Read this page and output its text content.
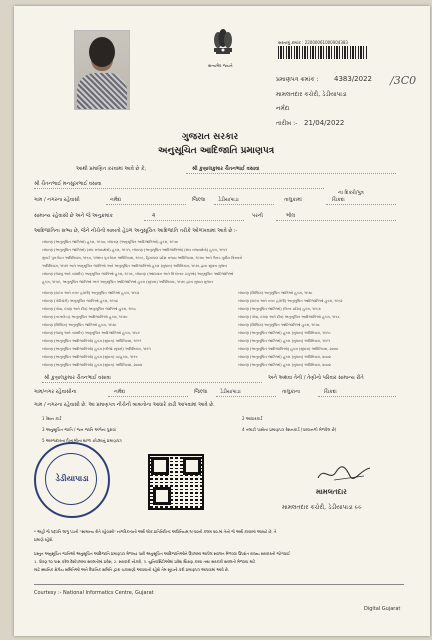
સત્યમેવ જયતે
સરનામું ક્રમાંક : 22000061000004383
પ્રમાણપત્ર ક્રમાંક : 4383/2022 /3C0
મામલતદાર કચેરી, ડેડીયાપાડા
નર્મદા
તારીખ :- 21/04/2022
ગુજરાત સરકાર
અનુસૂચિત આદિજાતિ પ્રમાણપત્ર
આથી પ્રમાણિત કરવામાં આવે છે કે,	શ્રી કુણાલકુમાર ચૈતનભાઈ વસાવા
શ્રી ચૈતનભાઈ મનસુખભાઈ વસાવા
ના દિકરો/પુત્ર
ગામ / નગરના રહેવાસી	નર્મદા	જિલ્લા	ડેડીયાપાડા	તાલુકામાં	ચિકદા
સામાન્ય રહેવાસી છે અને જે અનુક્રમાંક	4	પરની	ભીલ
આદિજાતિના સભ્ય છે, જેને નીચેની બાબતો હેઠળ અનુસૂચિત આદિજાતિ તરીકે ઓળખવામાં આવે છે :-
બંધારણ (અનુસૂચિત જાતિઓ) હુકમ, ૧૯૫૦, બંધારણ (અનુસૂચિત આદિજાતિઓ) હુકમ, ૧૯૫૦
બંધારણ (અનુસૂચિત જાતિઓ) (સંઘ રાજ્યક્ષેત્રો) હુકમ, ૧૯૫૧, બંધારણ (અનુસૂચિત આદિજાતિઓ) (સંઘ રાજ્યક્ષેત્રો) હુકમ, ૧૯૫૧
મુંબઈ પુનર્ગઠન અધિનિયમ, ૧૯૬૦, પંજાબ પુનર્ગઠન અધિનિયમ, ૧૯૬૬, હિમાચલ પ્રદેશ રાજ્ય અધિનિયમ, ૧૯૭૦ અને ઉત્તર-પૂર્વીય વિસ્તારો
અધિનિયમ, ૧૯૭૧ અને અનુસૂચિત જાતિઓ અને અનુસૂચિત આદિજાતિઓ હુકમ (સુધારા) અધિનિયમ, ૧૯૭૬ દ્વારા સુધારા મુજબ
બંધારણ (જમ્મુ અને કાશ્મીર) અનુસૂચિત જાતિઓ હુકમ, ૧૯૫૬, બંધારણ (આંદામાન અને નિકોબાર ટાપુઓ) અનુસૂચિત આદિજાતિઓ
હુકમ, ૧૯૫૯, અનુસૂચિત જાતિઓ અને અનુસૂચિત આદિજાતિઓ હુકમ (સુધારા) અધિનિયમ, ૧૯૭૬ દ્વારા સુધારા મુજબ
બંધારણ (દાદરા અને નગર હવેલી) અનુસૂચિત જાતિઓ હુકમ, ૧૯૬૨
બંધારણ (પોંડિચેરી) અનુસૂચિત જાતિઓ હુકમ, ૧૯૬૪
બંધારણ (ગોવા, દમણ અને દીવ) અનુસૂચિત જાતિઓ હુકમ, ૧૯૬૮
બંધારણ (નાગાલેન્ડ) અનુસૂચિત આદિજાતિઓ હુકમ, ૧૯૭૦
બંધારણ (સિક્કિમ) અનુસૂચિત જાતિઓ હુકમ, ૧૯૭૮
બંધારણ (જમ્મુ અને કાશ્મીર) અનુસૂચિત આદિજાતિઓ હુકમ, ૧૯૮૯
બંધારણ (અનુસૂચિત આદિજાતિઓ) હુકમ (સુધારા) અધિનિયમ, ૧૯૯૧
બંધારણ (અનુસૂચિત આદિજાતિઓ) હુકમ (બીજો સુધારો) અધિનિયમ, ૧૯૯૧
બંધારણ (અનુસૂચિત આદિજાતિઓ) હુકમ (સુધારા) વટહુકમ, ૧૯૯૬
બંધારણ (અનુસૂચિત આદિજાતિઓ) હુકમ (સુધારા) અધિનિયમ, ૨૦૦૨
બંધારણ (સિક્કિમ) અનુસૂચિત જાતિઓ હુકમ, ૧૯૭૮
બંધારણ (દાદરા અને નગર હવેલી) અનુસૂચિત આદિજાતિઓ હુકમ, ૧૯૬૨
બંધારણ (અનુસૂચિત જાતિઓ) (ઉત્તર પ્રદેશ) હુકમ, ૧૯૬૭
બંધારણ (ગોવા, દમણ અને દીવ) અનુસૂચિત આદિજાતિઓ હુકમ, ૧૯૬૮
બંધારણ (સિક્કિમ) અનુસૂચિત આદિજાતિઓ હુકમ, ૧૯૭૮
બંધારણ (અનુસૂચિત જાતિઓ) હુકમ (સુધારા) અધિનિયમ, ૧૯૯૦
બંધારણ (અનુસૂચિત જાતિઓ) હુકમ (સુધારા) અધિનિયમ, ૧૯૯૧
બંધારણ (અનુસૂચિત આદિજાતિઓ) હુકમ (સુધારા) અધિનિયમ, ૨૦૦૦
બંધારણ (અનુસૂચિત જાતિઓ) હુકમ (સુધારા) અધિનિયમ, ૨૦૦૨
બંધારણ (અનુસૂચિત જાતિઓ) હુકમ (સુધારા) અધિનિયમ, ૨૦૦૨
શ્રી કુણાલકુમાર ચૈતનભાઈ વસાવા	અને અથવા તેની / તેણીનો પરિવાર સામાન્ય રીતે
ગામ/નગર રહેવાસીના	નર્મદા	જિલ્લા	ડેડીયાપાડા	તાલુકાના	ચિકદા
ગામ / નગરના રહેવાસી છે. આ પ્રમાણપત્ર નીચેની બાબતોના આધારે કાઢી આપવામાં આવે છે.
1 રેશન કાર્ડ
3 અનુસૂચિત જાતિ / જન જાતિ અંગેના પુરાવા
5 અરજદારના પિતાશ્રીના શાળા છોડ્યાનું પ્રમાણપત્ર
2 આધારકાર્ડ
4 તલાટી પાસેના પ્રમાણપત્ર રેશનકાર્ડ (પરવાનગી મેળવેલ છે)
ડેડીયાપાડા
મામલતદાર
મામલતદાર કચેરી, ડેડીયાપાડા ૯૯
* અહીં જે પદ્ધતિ લાગુ પડતી "સામાન્ય રીતે રહેવાસી" નાગરિકત્વનો અર્થ લોક-પ્રતિનિધિત્વ અધિનિયમ,૧૯૫૦ની કલમ ૨૦-માં તેનો જે અર્થ કરવામાં આવ્યો છે, તે
પ્રમાણે રહેશે.
પ્રસ્તુત અનુસૂચિત જાતિઓ અનુસૂચિત આદિજાતિ પ્રમાણપત્ર મેળવ્યા પછી અનુસૂચિત આદિજાતિઓને ઉપલબ્ધ આપેલ સવલત મેળવવા ઉપરાંત રાજ્ય સરકારની જોગવાઈ
1. ધોરણ ૧૦ પાસ કરેલ દેશોપલબ્ધ સવલતોમાં પ્રવેશ, 2. સરકારી નોકરી, 3. યુનિવર્સિટીઓમાં પ્રવેશ શિક્ષણ કરવા તથા સરકારી સવલતો મેળવવા માટે
માટે સ્થાનિક ક્ષેત્રીય સમિતિઓ અને વૈધાનિક સમિતિ દ્વારા ચકાસણી આપવાની રહેશે તેમ સૂચનો કરી પ્રમાણપત્ર આપવામાં આવે છે.
Courtesy :- National Informatics Centre, Gujarat
Digital Gujarat
